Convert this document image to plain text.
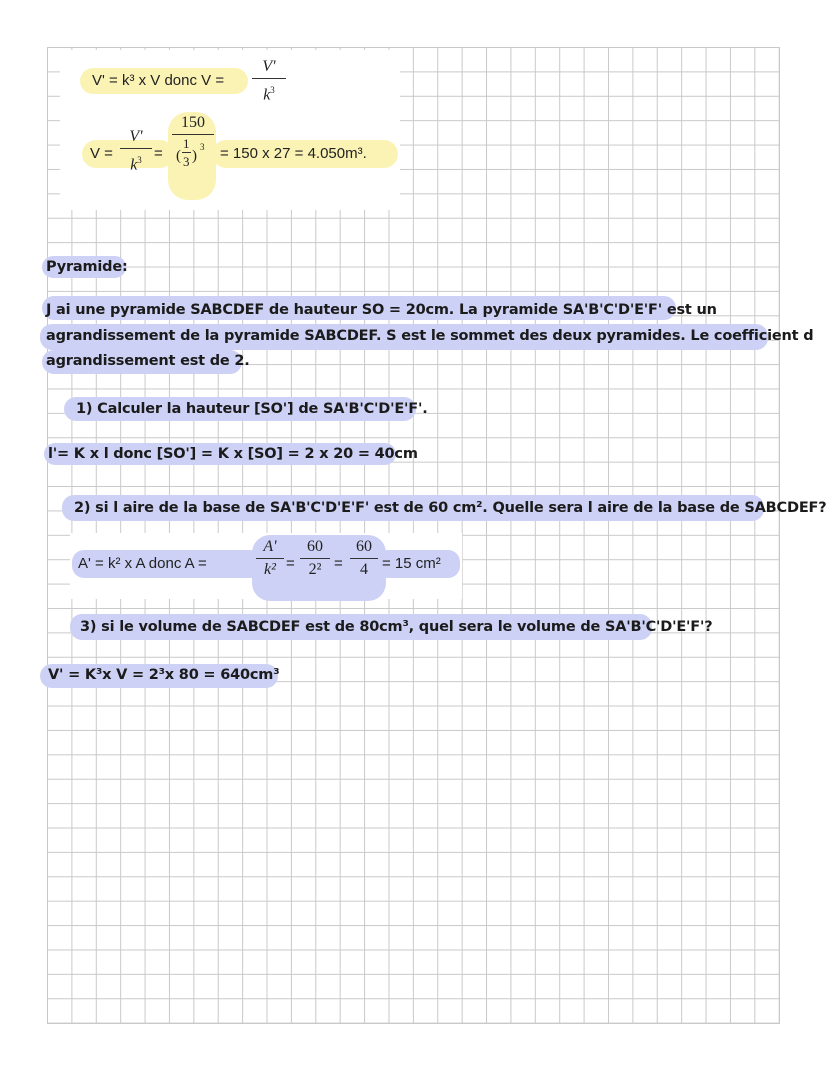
V' = k³ x V donc V =
V'
$k^3$
V =
V'
$k^3$ =
150
(
1
3 )
3 = 150 x 27 = 4.050m³.
Pyramide:
J ai une pyramide SABCDEF de hauteur SO = 20cm. La pyramide SA'B'C'D'E'F' est un
agrandissement de la pyramide SABCDEF. S est le sommet des deux pyramides. Le coefficient d
agrandissement est de 2.
1) Calculer la hauteur [SO'] de SA'B'C'D'E'F'.
l'= K x l donc [SO'] = K x [SO] = 2 x 20 = 40cm
2) si l aire de la base de SA'B'C'D'E'F' est de 60 cm². Quelle sera l aire de la base de SABCDEF?
A' = k² x A donc A =
A'
k² =
60
2² =
60
4 = 15 cm²
3) si le volume de SABCDEF est de 80cm³, quel sera le volume de SA'B'C'D'E'F'?
V' = K³x V = 2³x 80 = 640cm³
